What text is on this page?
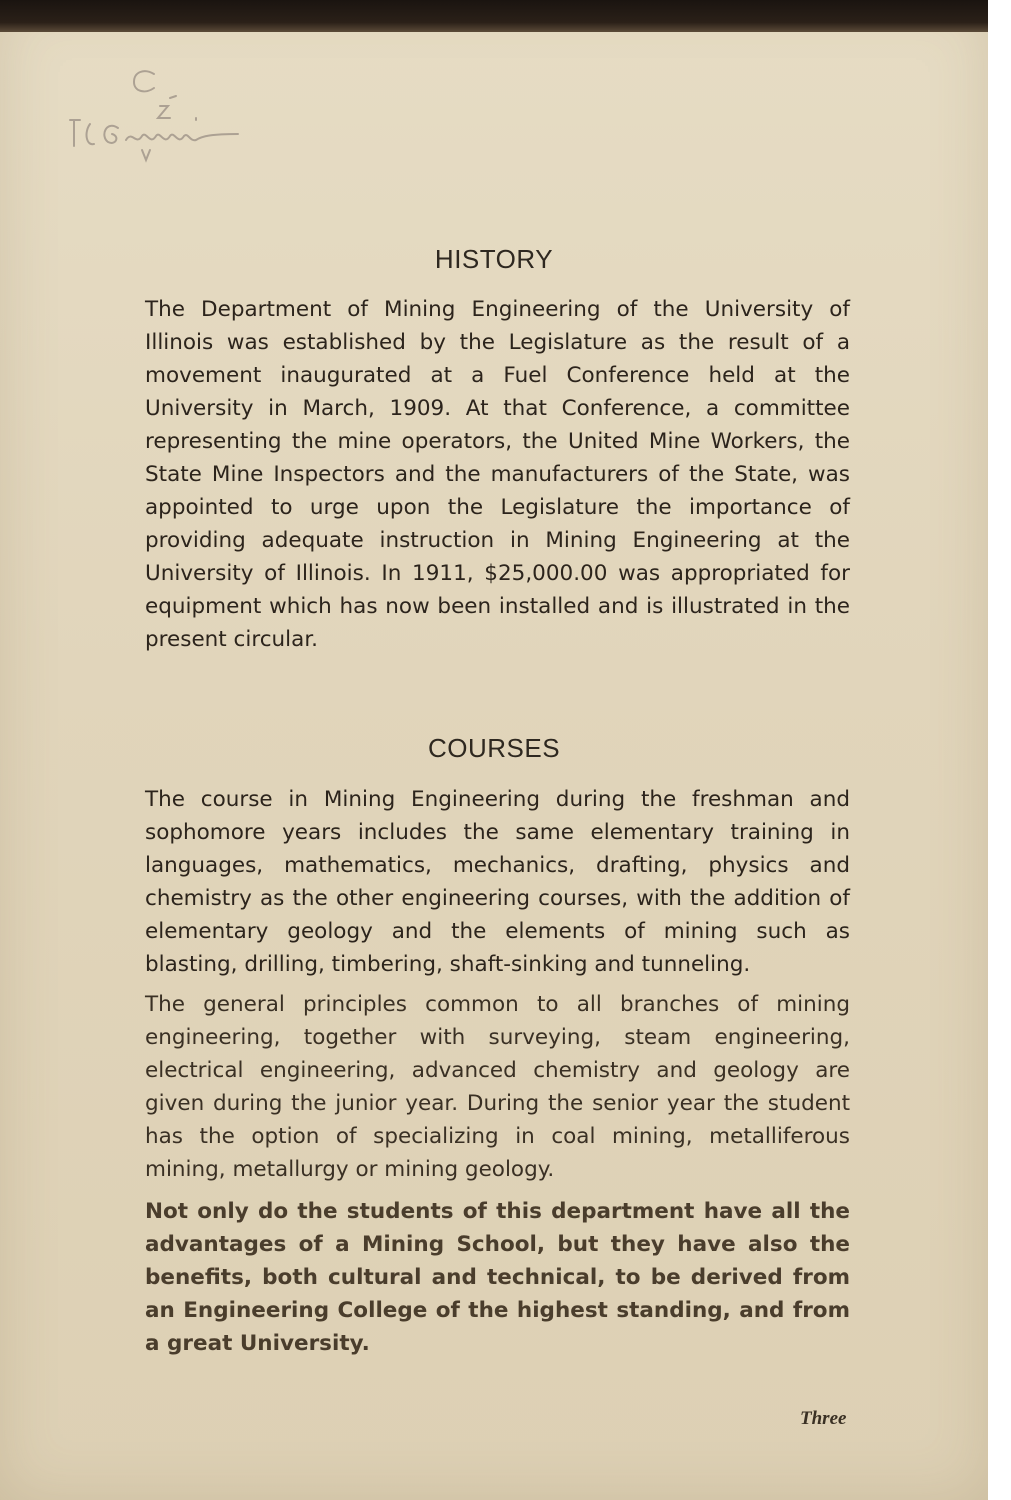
HISTORY

The Department of Mining Engineering of the University of Illinois was established by the Legislature as the result of a movement inaugurated at a Fuel Conference held at the University in March, 1909. At that Conference, a committee representing the mine operators, the United Mine Workers, the State Mine Inspectors and the manufacturers of the State, was appointed to urge upon the Legislature the importance of providing adequate instruction in Mining Engineering at the University of Illinois. In 1911, $25,000.00 was appropriated for equipment which has now been installed and is illustrated in the present circular.

COURSES

The course in Mining Engineering during the freshman and sophomore years includes the same elementary training in languages, mathematics, mechanics, drafting, physics and chemistry as the other engineering courses, with the addition of elementary geology and the elements of mining such as blasting, drilling, timbering, shaft-sinking and tunneling.

The general principles common to all branches of mining engineering, together with surveying, steam engineering, electrical engineering, advanced chemistry and geology are given during the junior year. During the senior year the student has the option of specializing in coal mining, metalliferous mining, metallurgy or mining geology.

Not only do the students of this department have all the advantages of a Mining School, but they have also the benefits, both cultural and technical, to be derived from an Engineering College of the highest standing, and from a great University.

Three
